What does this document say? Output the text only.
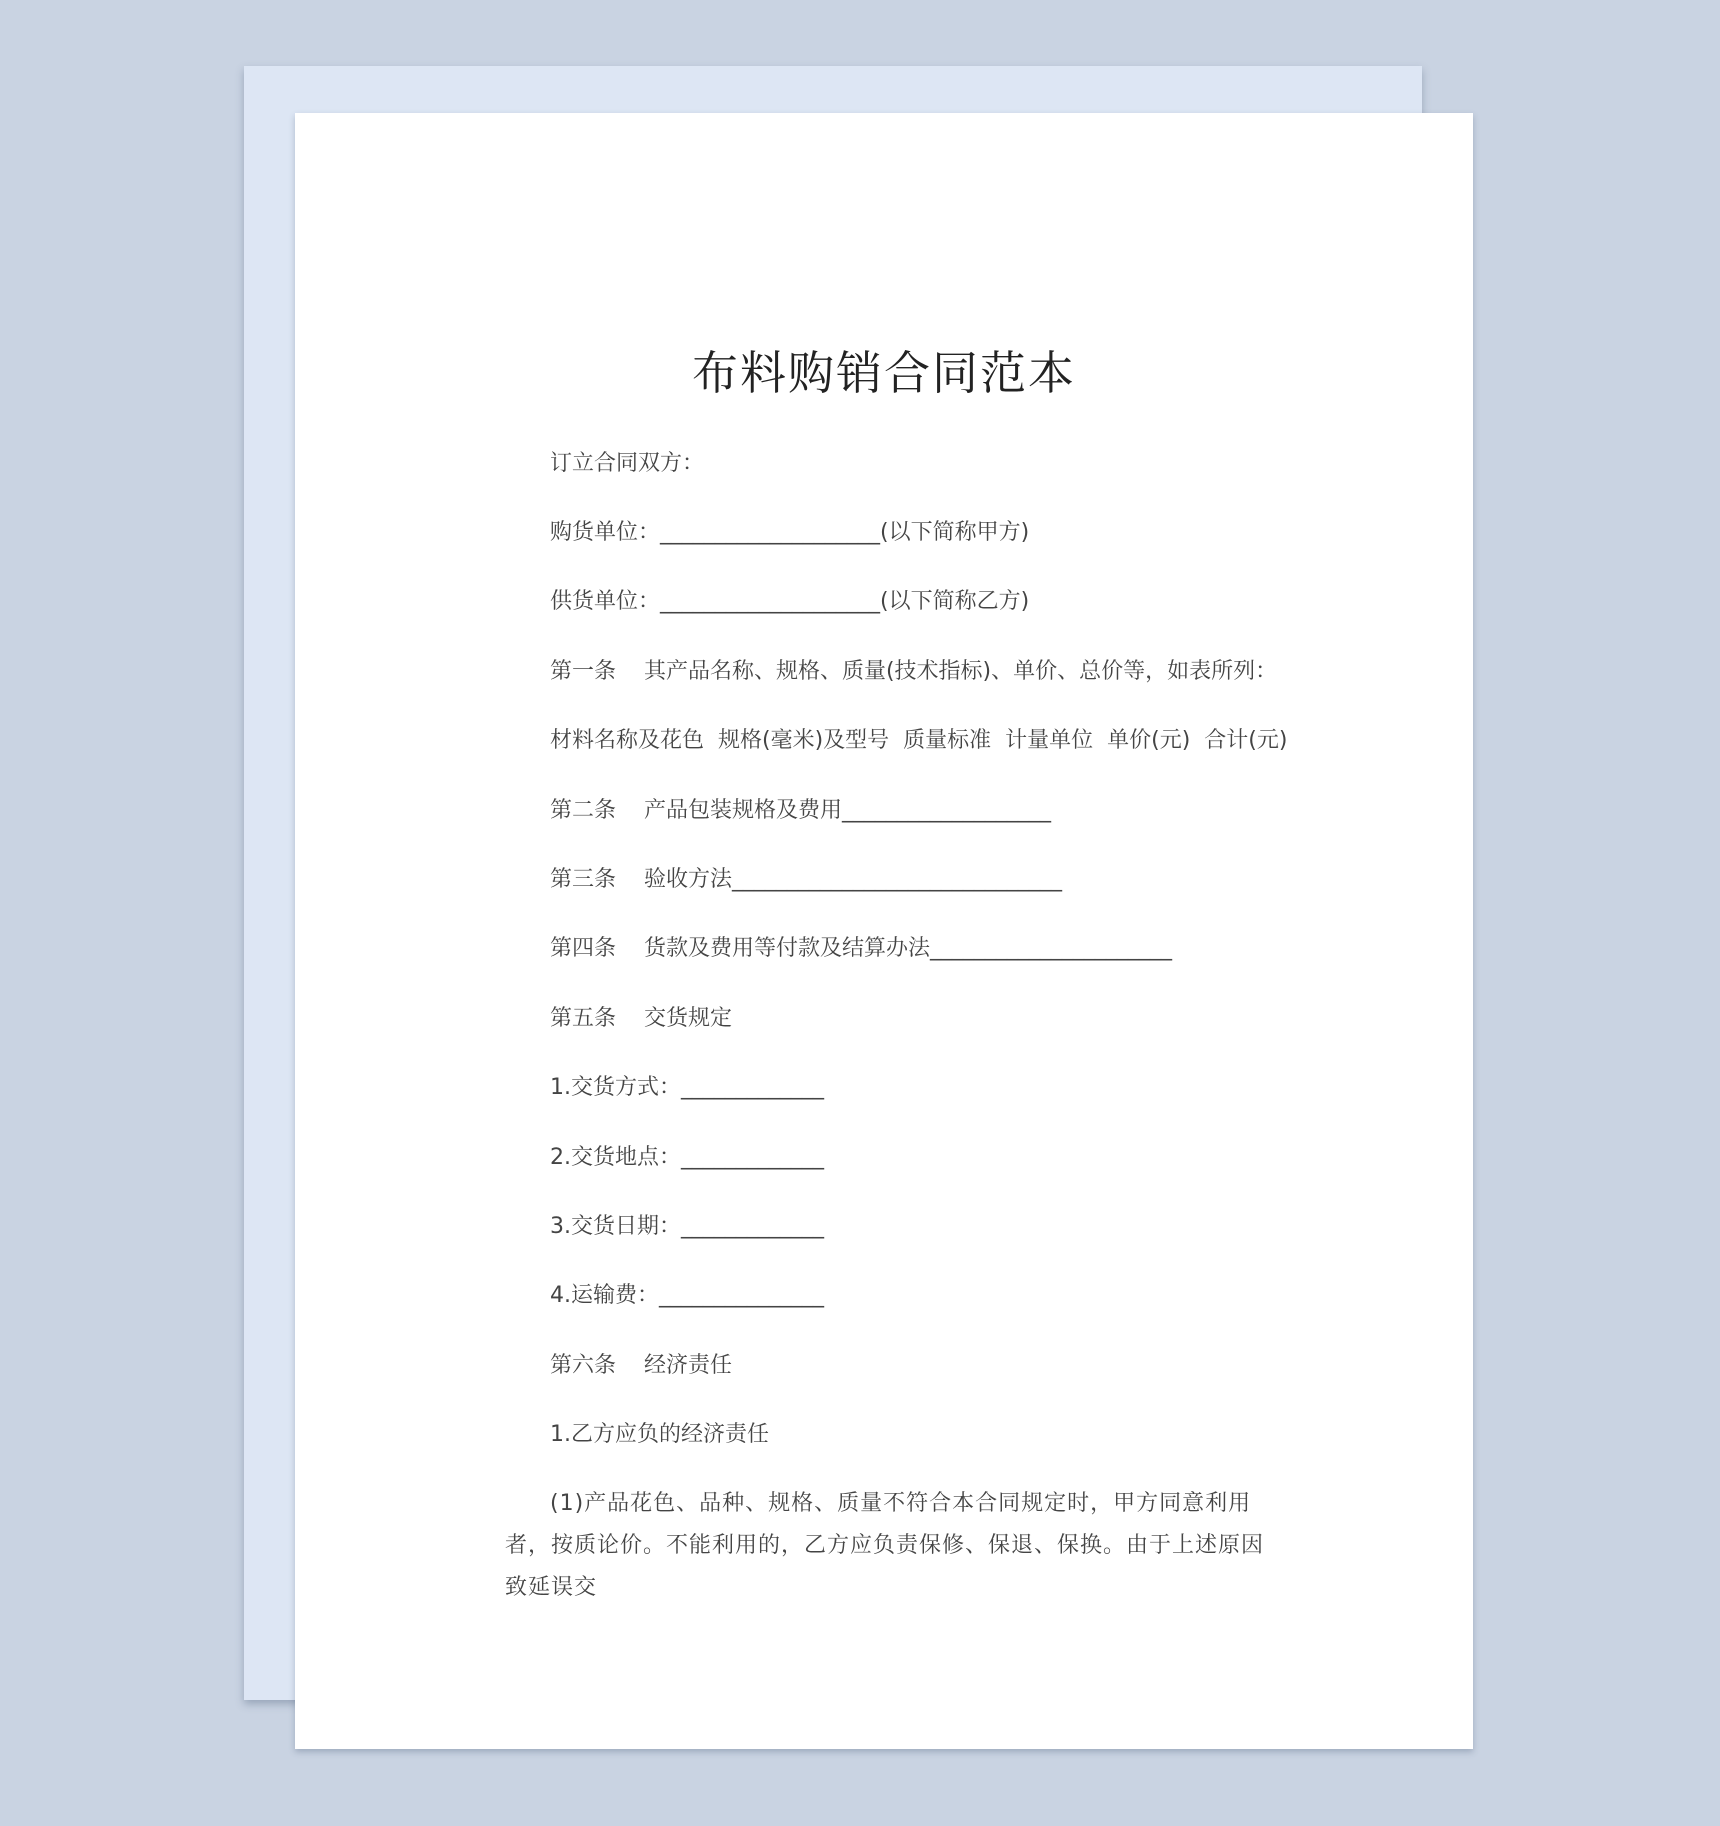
布料购销合同范本

订立合同双方：

购货单位：____________________(以下简称甲方)

供货单位：____________________(以下简称乙方)

第一条    其产品名称、规格、质量(技术指标)、单价、总价等，如表所列：

材料名称及花色  规格(毫米)及型号  质量标准  计量单位  单价(元)  合计(元)

第二条    产品包装规格及费用___________________

第三条    验收方法______________________________

第四条    货款及费用等付款及结算办法______________________

第五条    交货规定

1.交货方式：_____________

2.交货地点：_____________

3.交货日期：_____________

4.运输费：_______________

第六条    经济责任

1.乙方应负的经济责任

(1)产品花色、品种、规格、质量不符合本合同规定时，甲方同意利用者，按质论价。不能利用的，乙方应负责保修、保退、保换。由于上述原因致延误交
